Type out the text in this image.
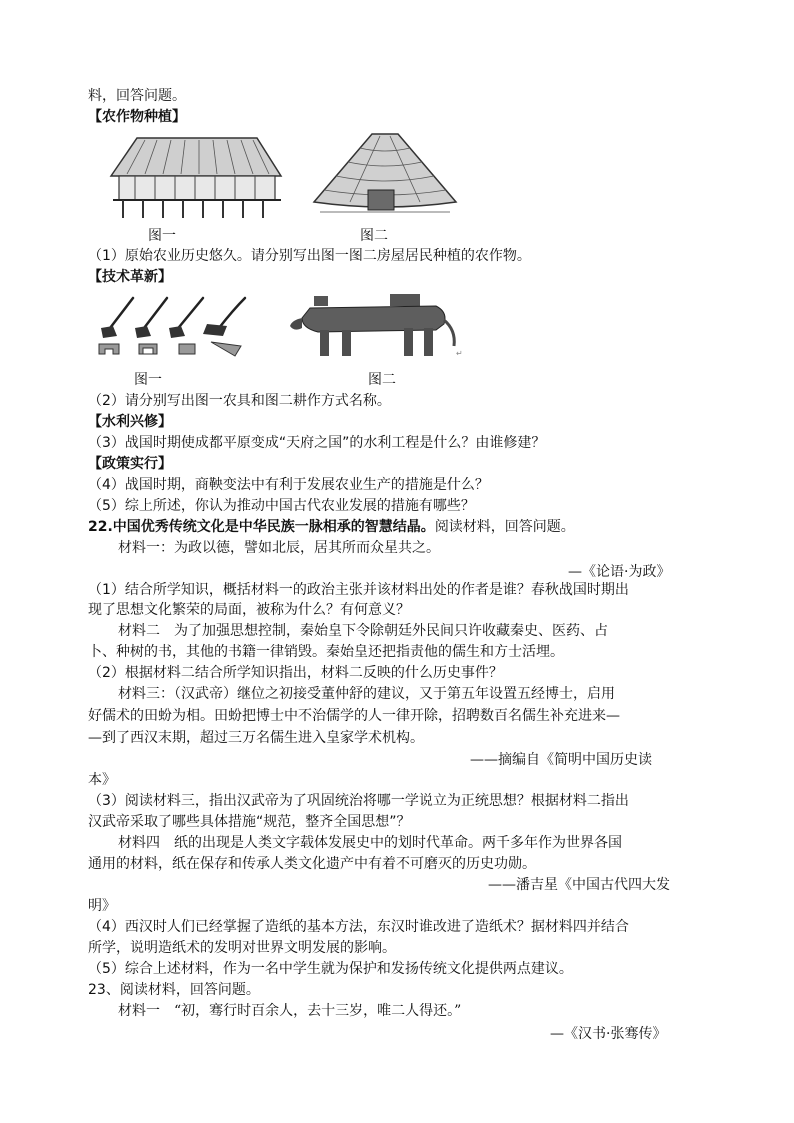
料，回答问题。
【农作物种植】
图一	图二
（1）原始农业历史悠久。请分别写出图一图二房屋居民种植的农作物。
【技术革新】
↵
图一	图二
（2）请分别写出图一农具和图二耕作方式名称。
【水利兴修】
（3）战国时期使成都平原变成“天府之国”的水利工程是什么？由谁修建？
【政策实行】
（4）战国时期，商鞅变法中有利于发展农业生产的措施是什么？
（5）综上所述，你认为推动中国古代农业发展的措施有哪些？
22.中国优秀传统文化是中华民族一脉相承的智慧结晶。阅读材料，回答问题。
材料一：为政以德，譬如北辰，居其所而众星共之。
—《论语·为政》
（1）结合所学知识，概括材料一的政治主张并该材料出处的作者是谁？春秋战国时期出
现了思想文化繁荣的局面，被称为什么？有何意义？
材料二　为了加强思想控制，秦始皇下令除朝廷外民间只许收藏秦史、医药、占
卜、种树的书，其他的书籍一律销毁。秦始皇还把指责他的儒生和方士活埋。
（2）根据材料二结合所学知识指出，材料二反映的什么历史事件？
材料三：（汉武帝）继位之初接受董仲舒的建议，又于第五年设置五经博士，启用
好儒术的田蚡为相。田蚡把博士中不治儒学的人一律开除，招聘数百名儒生补充进来—
—到了西汉末期，超过三万名儒生进入皇家学术机构。
——摘编自《简明中国历史读
本》
（3）阅读材料三，指出汉武帝为了巩固统治将哪一学说立为正统思想？根据材料二指出
汉武帝采取了哪些具体措施“规范，整齐全国思想”？
材料四　纸的出现是人类文字载体发展史中的划时代革命。两千多年作为世界各国
通用的材料，纸在保存和传承人类文化遗产中有着不可磨灭的历史功勋。
——潘吉星《中国古代四大发
明》
（4）西汉时人们已经掌握了造纸的基本方法，东汉时谁改进了造纸术？据材料四并结合
所学，说明造纸术的发明对世界文明发展的影响。
（5）综合上述材料，作为一名中学生就为保护和发扬传统文化提供两点建议。
23、阅读材料，回答问题。
材料一　“初，骞行时百余人，去十三岁，唯二人得还。”
—《汉书·张骞传》
